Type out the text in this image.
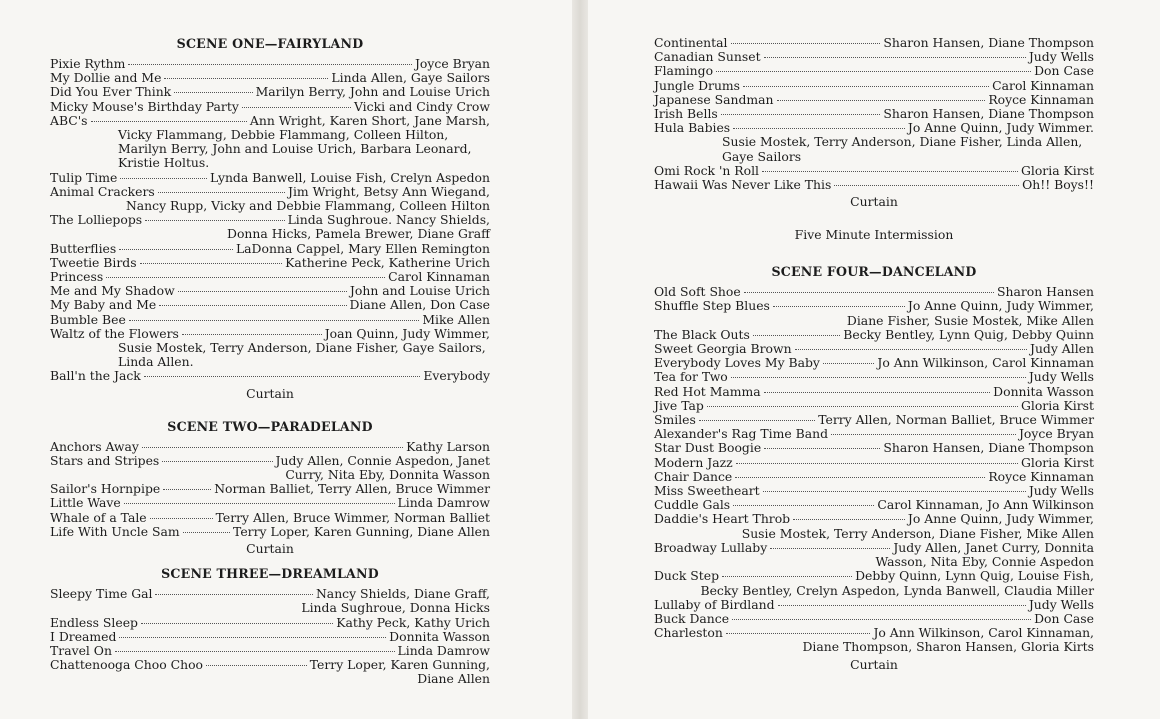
SCENE ONE—FAIRYLAND
Pixie Rythm	Joyce Bryan
My Dollie and Me	Linda Allen, Gaye Sailors
Did You Ever Think	Marilyn Berry, John and Louise Urich
Micky Mouse's Birthday Party	Vicki and Cindy Crow
ABC's	Ann Wright, Karen Short, Jane Marsh,
Vicky Flammang, Debbie Flammang, Colleen Hilton, Marilyn Berry, John and Louise Urich, Barbara Leonard, Kristie Holtus.
Tulip Time	Lynda Banwell, Louise Fish, Crelyn Aspedon
Animal Crackers	Jim Wright, Betsy Ann Wiegand,
Nancy Rupp, Vicky and Debbie Flammang, Colleen Hilton
The Lolliepops	Linda Sughroue. Nancy Shields,
Donna Hicks, Pamela Brewer, Diane Graff
Butterflies	LaDonna Cappel, Mary Ellen Remington
Tweetie Birds	Katherine Peck, Katherine Urich
Princess	Carol Kinnaman
Me and My Shadow	John and Louise Urich
My Baby and Me	Diane Allen, Don Case
Bumble Bee	Mike Allen
Waltz of the Flowers	Joan Quinn, Judy Wimmer,
Susie Mostek, Terry Anderson, Diane Fisher, Gaye Sailors, Linda Allen.
Ball'n the Jack	Everybody
Curtain
SCENE TWO—PARADELAND
Anchors Away	Kathy Larson
Stars and Stripes	Judy Allen, Connie Aspedon, Janet
Curry, Nita Eby, Donnita Wasson
Sailor's Hornpipe	Norman Balliet, Terry Allen, Bruce Wimmer
Little Wave	Linda Damrow
Whale of a Tale	Terry Allen, Bruce Wimmer, Norman Balliet
Life With Uncle Sam	Terry Loper, Karen Gunning, Diane Allen
Curtain
SCENE THREE—DREAMLAND
Sleepy Time Gal	Nancy Shields, Diane Graff,
Linda Sughroue, Donna Hicks
Endless Sleep	Kathy Peck, Kathy Urich
I Dreamed	Donnita Wasson
Travel On	Linda Damrow
Chattenooga Choo Choo	Terry Loper, Karen Gunning,
Diane Allen
Continental	Sharon Hansen, Diane Thompson
Canadian Sunset	Judy Wells
Flamingo	Don Case
Jungle Drums	Carol Kinnaman
Japanese Sandman	Royce Kinnaman
Irish Bells	Sharon Hansen, Diane Thompson
Hula Babies	Jo Anne Quinn, Judy Wimmer.
Susie Mostek, Terry Anderson, Diane Fisher, Linda Allen, Gaye Sailors
Omi Rock 'n Roll	Gloria Kirst
Hawaii Was Never Like This	Oh!! Boys!!
Curtain
Five Minute Intermission
SCENE FOUR—DANCELAND
Old Soft Shoe	Sharon Hansen
Shuffle Step Blues	Jo Anne Quinn, Judy Wimmer,
Diane Fisher, Susie Mostek, Mike Allen
The Black Outs	Becky Bentley, Lynn Quig, Debby Quinn
Sweet Georgia Brown	Judy Allen
Everybody Loves My Baby	Jo Ann Wilkinson, Carol Kinnaman
Tea for Two	Judy Wells
Red Hot Mamma	Donnita Wasson
Jive Tap	Gloria Kirst
Smiles	Terry Allen, Norman Balliet, Bruce Wimmer
Alexander's Rag Time Band	Joyce Bryan
Star Dust Boogie	Sharon Hansen, Diane Thompson
Modern Jazz	Gloria Kirst
Chair Dance	Royce Kinnaman
Miss Sweetheart	Judy Wells
Cuddle Gals	Carol Kinnaman, Jo Ann Wilkinson
Daddie's Heart Throb	Jo Anne Quinn, Judy Wimmer,
Susie Mostek, Terry Anderson, Diane Fisher, Mike Allen
Broadway Lullaby	Judy Allen, Janet Curry, Donnita
Wasson, Nita Eby, Connie Aspedon
Duck Step	Debby Quinn, Lynn Quig, Louise Fish,
Becky Bentley, Crelyn Aspedon, Lynda Banwell, Claudia Miller
Lullaby of Birdland	Judy Wells
Buck Dance	Don Case
Charleston	Jo Ann Wilkinson, Carol Kinnaman,
Diane Thompson, Sharon Hansen, Gloria Kirts
Curtain
